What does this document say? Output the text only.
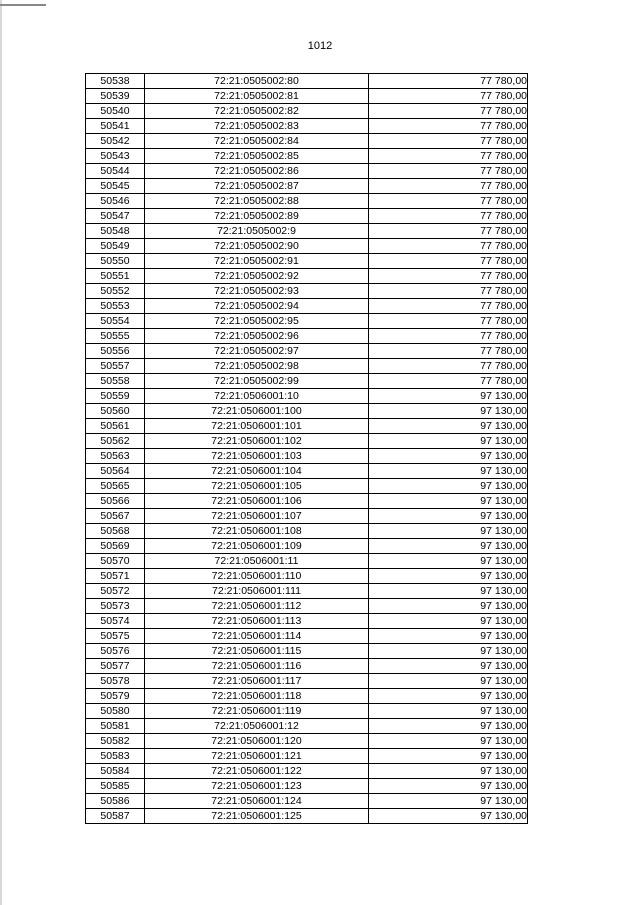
1012
50538	72:21:0505002:80	77 780,00
50539	72:21:0505002:81	77 780,00
50540	72:21:0505002:82	77 780,00
50541	72:21:0505002:83	77 780,00
50542	72:21:0505002:84	77 780,00
50543	72:21:0505002:85	77 780,00
50544	72:21:0505002:86	77 780,00
50545	72:21:0505002:87	77 780,00
50546	72:21:0505002:88	77 780,00
50547	72:21:0505002:89	77 780,00
50548	72:21:0505002:9	77 780,00
50549	72:21:0505002:90	77 780,00
50550	72:21:0505002:91	77 780,00
50551	72:21:0505002:92	77 780,00
50552	72:21:0505002:93	77 780,00
50553	72:21:0505002:94	77 780,00
50554	72:21:0505002:95	77 780,00
50555	72:21:0505002:96	77 780,00
50556	72:21:0505002:97	77 780,00
50557	72:21:0505002:98	77 780,00
50558	72:21:0505002:99	77 780,00
50559	72:21:0506001:10	97 130,00
50560	72:21:0506001:100	97 130,00
50561	72:21:0506001:101	97 130,00
50562	72:21:0506001:102	97 130,00
50563	72:21:0506001:103	97 130,00
50564	72:21:0506001:104	97 130,00
50565	72:21:0506001:105	97 130,00
50566	72:21:0506001:106	97 130,00
50567	72:21:0506001:107	97 130,00
50568	72:21:0506001:108	97 130,00
50569	72:21:0506001:109	97 130,00
50570	72:21:0506001:11	97 130,00
50571	72:21:0506001:110	97 130,00
50572	72:21:0506001:111	97 130,00
50573	72:21:0506001:112	97 130,00
50574	72:21:0506001:113	97 130,00
50575	72:21:0506001:114	97 130,00
50576	72:21:0506001:115	97 130,00
50577	72:21:0506001:116	97 130,00
50578	72:21:0506001:117	97 130,00
50579	72:21:0506001:118	97 130,00
50580	72:21:0506001:119	97 130,00
50581	72:21:0506001:12	97 130,00
50582	72:21:0506001:120	97 130,00
50583	72:21:0506001:121	97 130,00
50584	72:21:0506001:122	97 130,00
50585	72:21:0506001:123	97 130,00
50586	72:21:0506001:124	97 130,00
50587	72:21:0506001:125	97 130,00
